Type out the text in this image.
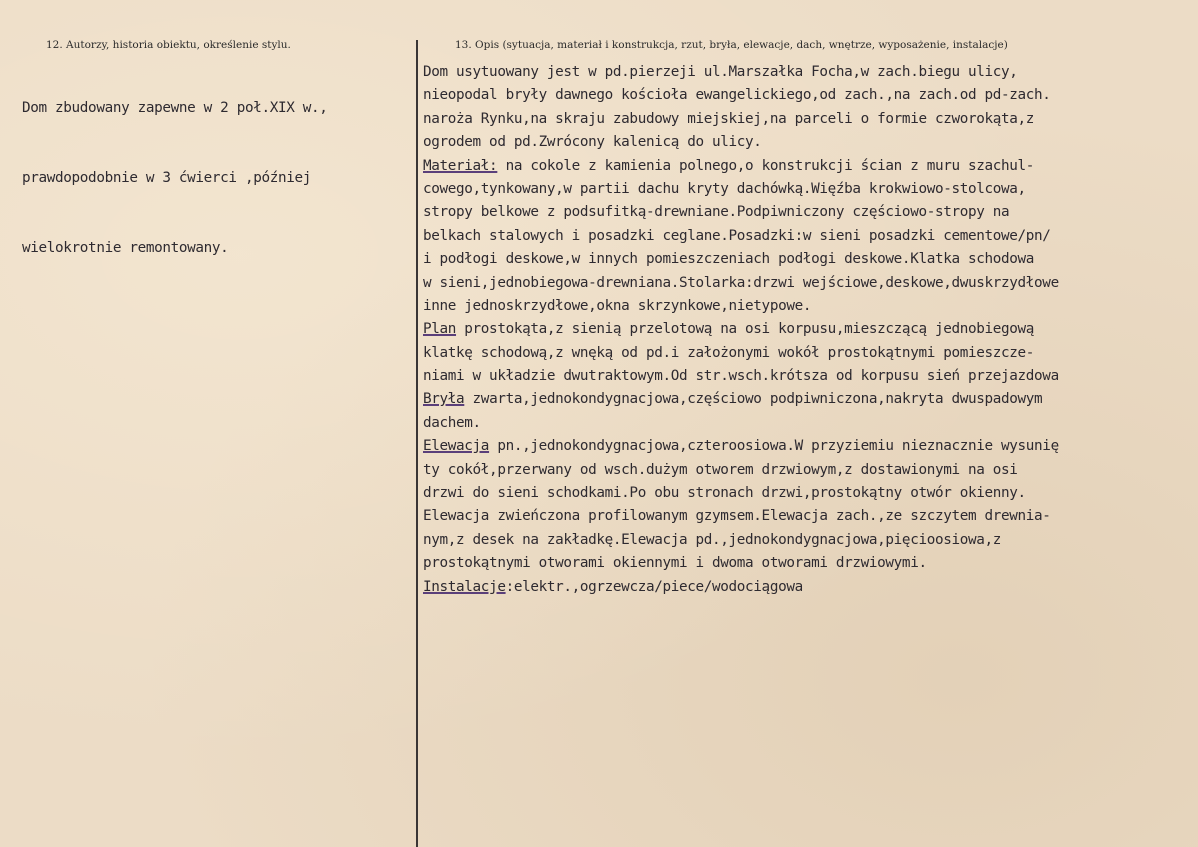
12. Autorzy, historia obiektu, określenie stylu.	13. Opis (sytuacja, materiał i konstrukcja, rzut, bryła, elewacje, dach, wnętrze, wyposażenie, instalacje)

Dom zbudowany zapewne w 2 poł.XIX w.,

prawdopodobnie w 3 ćwierci ,później

wielokrotnie remontowany.

Dom usytuowany jest w pd.pierzeji ul.Marszałka Focha,w zach.biegu ulicy,
nieopodal bryły dawnego kościoła ewangelickiego,od zach.,na zach.od pd-zach.
naroża Rynku,na skraju zabudowy miejskiej,na parceli o formie czworokąta,z
ogrodem od pd.Zwrócony kalenicą do ulicy.
Materiał: na cokole z kamienia polnego,o konstrukcji ścian z muru szachul-
cowego,tynkowany,w partii dachu kryty dachówką.Więźba krokwiowo-stolcowa,
stropy belkowe z podsufitką-drewniane.Podpiwniczony częściowo-stropy na
belkach stalowych i posadzki ceglane.Posadzki:w sieni posadzki cementowe/pn/
i podłogi deskowe,w innych pomieszczeniach podłogi deskowe.Klatka schodowa
w sieni,jednobiegowa-drewniana.Stolarka:drzwi wejściowe,deskowe,dwuskrzydłowe
inne jednoskrzydłowe,okna skrzynkowe,nietypowe.
Plan prostokąta,z sienią przelotową na osi korpusu,mieszczącą jednobiegową
klatkę schodową,z wnęką od pd.i założonymi wokół prostokątnymi pomieszcze-
niami w układzie dwutraktowym.Od str.wsch.krótsza od korpusu sień przejazdowa
Bryła zwarta,jednokondygnacjowa,częściowo podpiwniczona,nakryta dwuspadowym
dachem.
Elewacja pn.,jednokondygnacjowa,czteroosiowa.W przyziemiu nieznacznie wysunię
ty cokół,przerwany od wsch.dużym otworem drzwiowym,z dostawionymi na osi
drzwi do sieni schodkami.Po obu stronach drzwi,prostokątny otwór okienny.
Elewacja zwieńczona profilowanym gzymsem.Elewacja zach.,ze szczytem drewnia-
nym,z desek na zakładkę.Elewacja pd.,jednokondygnacjowa,pięcioosiowa,z
prostokątnymi otworami okiennymi i dwoma otworami drzwiowymi.
Instalacje:elektr.,ogrzewcza/piece/wodociągowa
